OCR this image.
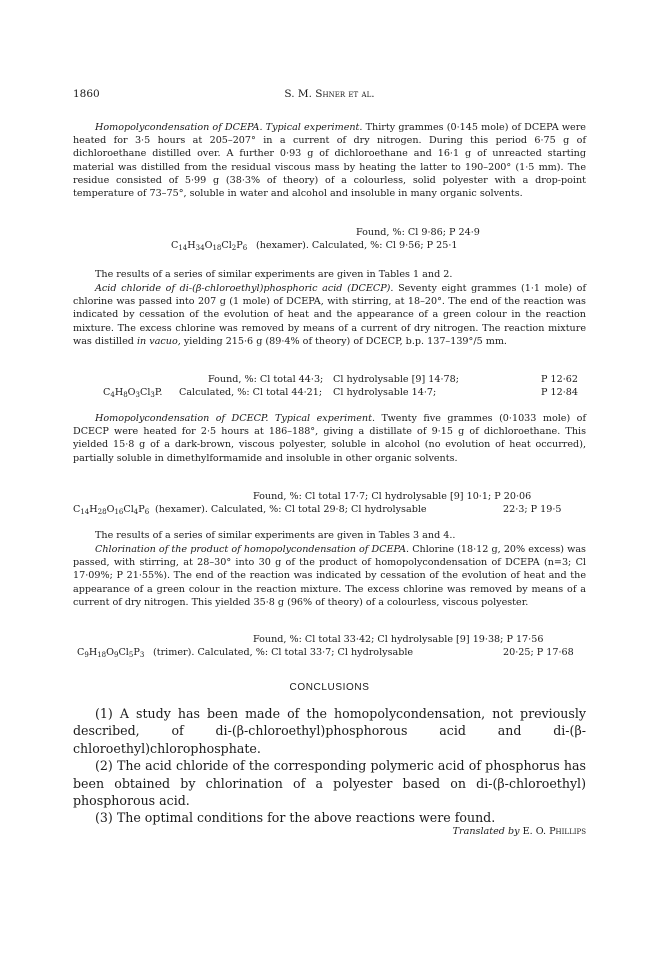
1860	S. M. Shner et al.

Homopolycondensation of DCEPA. Typical experiment. Thirty grammes (0·145 mole) of DCEPA were heated for 3·5 hours at 205–207° in a current of dry nitrogen. During this period 6·75 g of dichloroethane distilled over. A further 0·93 g of dichloroethane and 16·1 g of unreacted starting material was distilled from the residual viscous mass by heating the latter to 190–200° (1·5 mm). The residue consisted of 5·99 g (38·3% of theory) of a colourless, solid polyester with a drop-point temperature of 73–75°, soluble in water and alcohol and insoluble in many organic solvents.

Found, %: Cl 9·86; P 24·9
$C_{14}H_{34}O_{18}Cl_2P_6$ (hexamer). Calculated, %: Cl 9·56; P 25·1

The results of a series of similar experiments are given in Tables 1 and 2.

Acid chloride of di-(β-chloroethyl)phosphoric acid (DCECP). Seventy eight grammes (1·1 mole) of chlorine was passed into 207 g (1 mole) of DCEPA, with stirring, at 18–20°. The end of the reaction was indicated by cessation of the evolution of heat and the appearance of a green colour in the reaction mixture. The excess chlorine was removed by means of a current of dry nitrogen. The reaction mixture was distilled in vacuo, yielding 215·6 g (89·4% of theory) of DCECP, b.p. 137–139°/5 mm.

Found, %: Cl total 44·3; Cl hydrolysable [9] 14·78;	P 12·62
$C_4H_8O_3Cl_3P$. Calculated, %: Cl total 44·21; Cl hydrolysable 14·7;	P 12·84

Homopolycondensation of DCECP. Typical experiment. Twenty five grammes (0·1033 mole) of DCECP were heated for 2·5 hours at 186–188°, giving a distillate of 9·15 g of dichloroethane. This yielded 15·8 g of a dark-brown, viscous polyester, soluble in alcohol (no evolution of heat occurred), partially soluble in dimethylformamide and insoluble in other organic solvents.

Found, %: Cl total 17·7; Cl hydrolysable [9] 10·1; P 20·06
$C_{14}H_{28}O_{16}Cl_4P_6$ (hexamer). Calculated, %: Cl total 29·8; Cl hydrolysable	22·3; P 19·5

The results of a series of similar experiments are given in Tables 3 and 4..

Chlorination of the product of homopolycondensation of DCEPA. Chlorine (18·12 g, 20% excess) was passed, with stirring, at 28–30° into 30 g of the product of homopolycondensation of DCEPA (n=3; Cl 17·09%; P 21·55%). The end of the reaction was indicated by cessation of the evolution of heat and the appearance of a green colour in the reaction mixture. The excess chlorine was removed by means of a current of dry nitrogen. This yielded 35·8 g (96% of theory) of a colourless, viscous polyester.

Found, %: Cl total 33·42; Cl hydrolysable [9] 19·38; P 17·56
$C_9H_{18}O_9Cl_5P_3$ (trimer). Calculated, %: Cl total 33·7; Cl hydrolysable	20·25; P 17·68
CONCLUSIONS

(1) A study has been made of the homopolycondensation, not previously described, of di-(β-chloroethyl)phosphorous acid and di-(β-chloroethyl)chlorophosphate.

(2) The acid chloride of the corresponding polymeric acid of phosphorus has been obtained by chlorination of a polyester based on di-(β-chloroethyl) phosphorous acid.

(3) The optimal conditions for the above reactions were found.

Translated by E. O. Phillips
